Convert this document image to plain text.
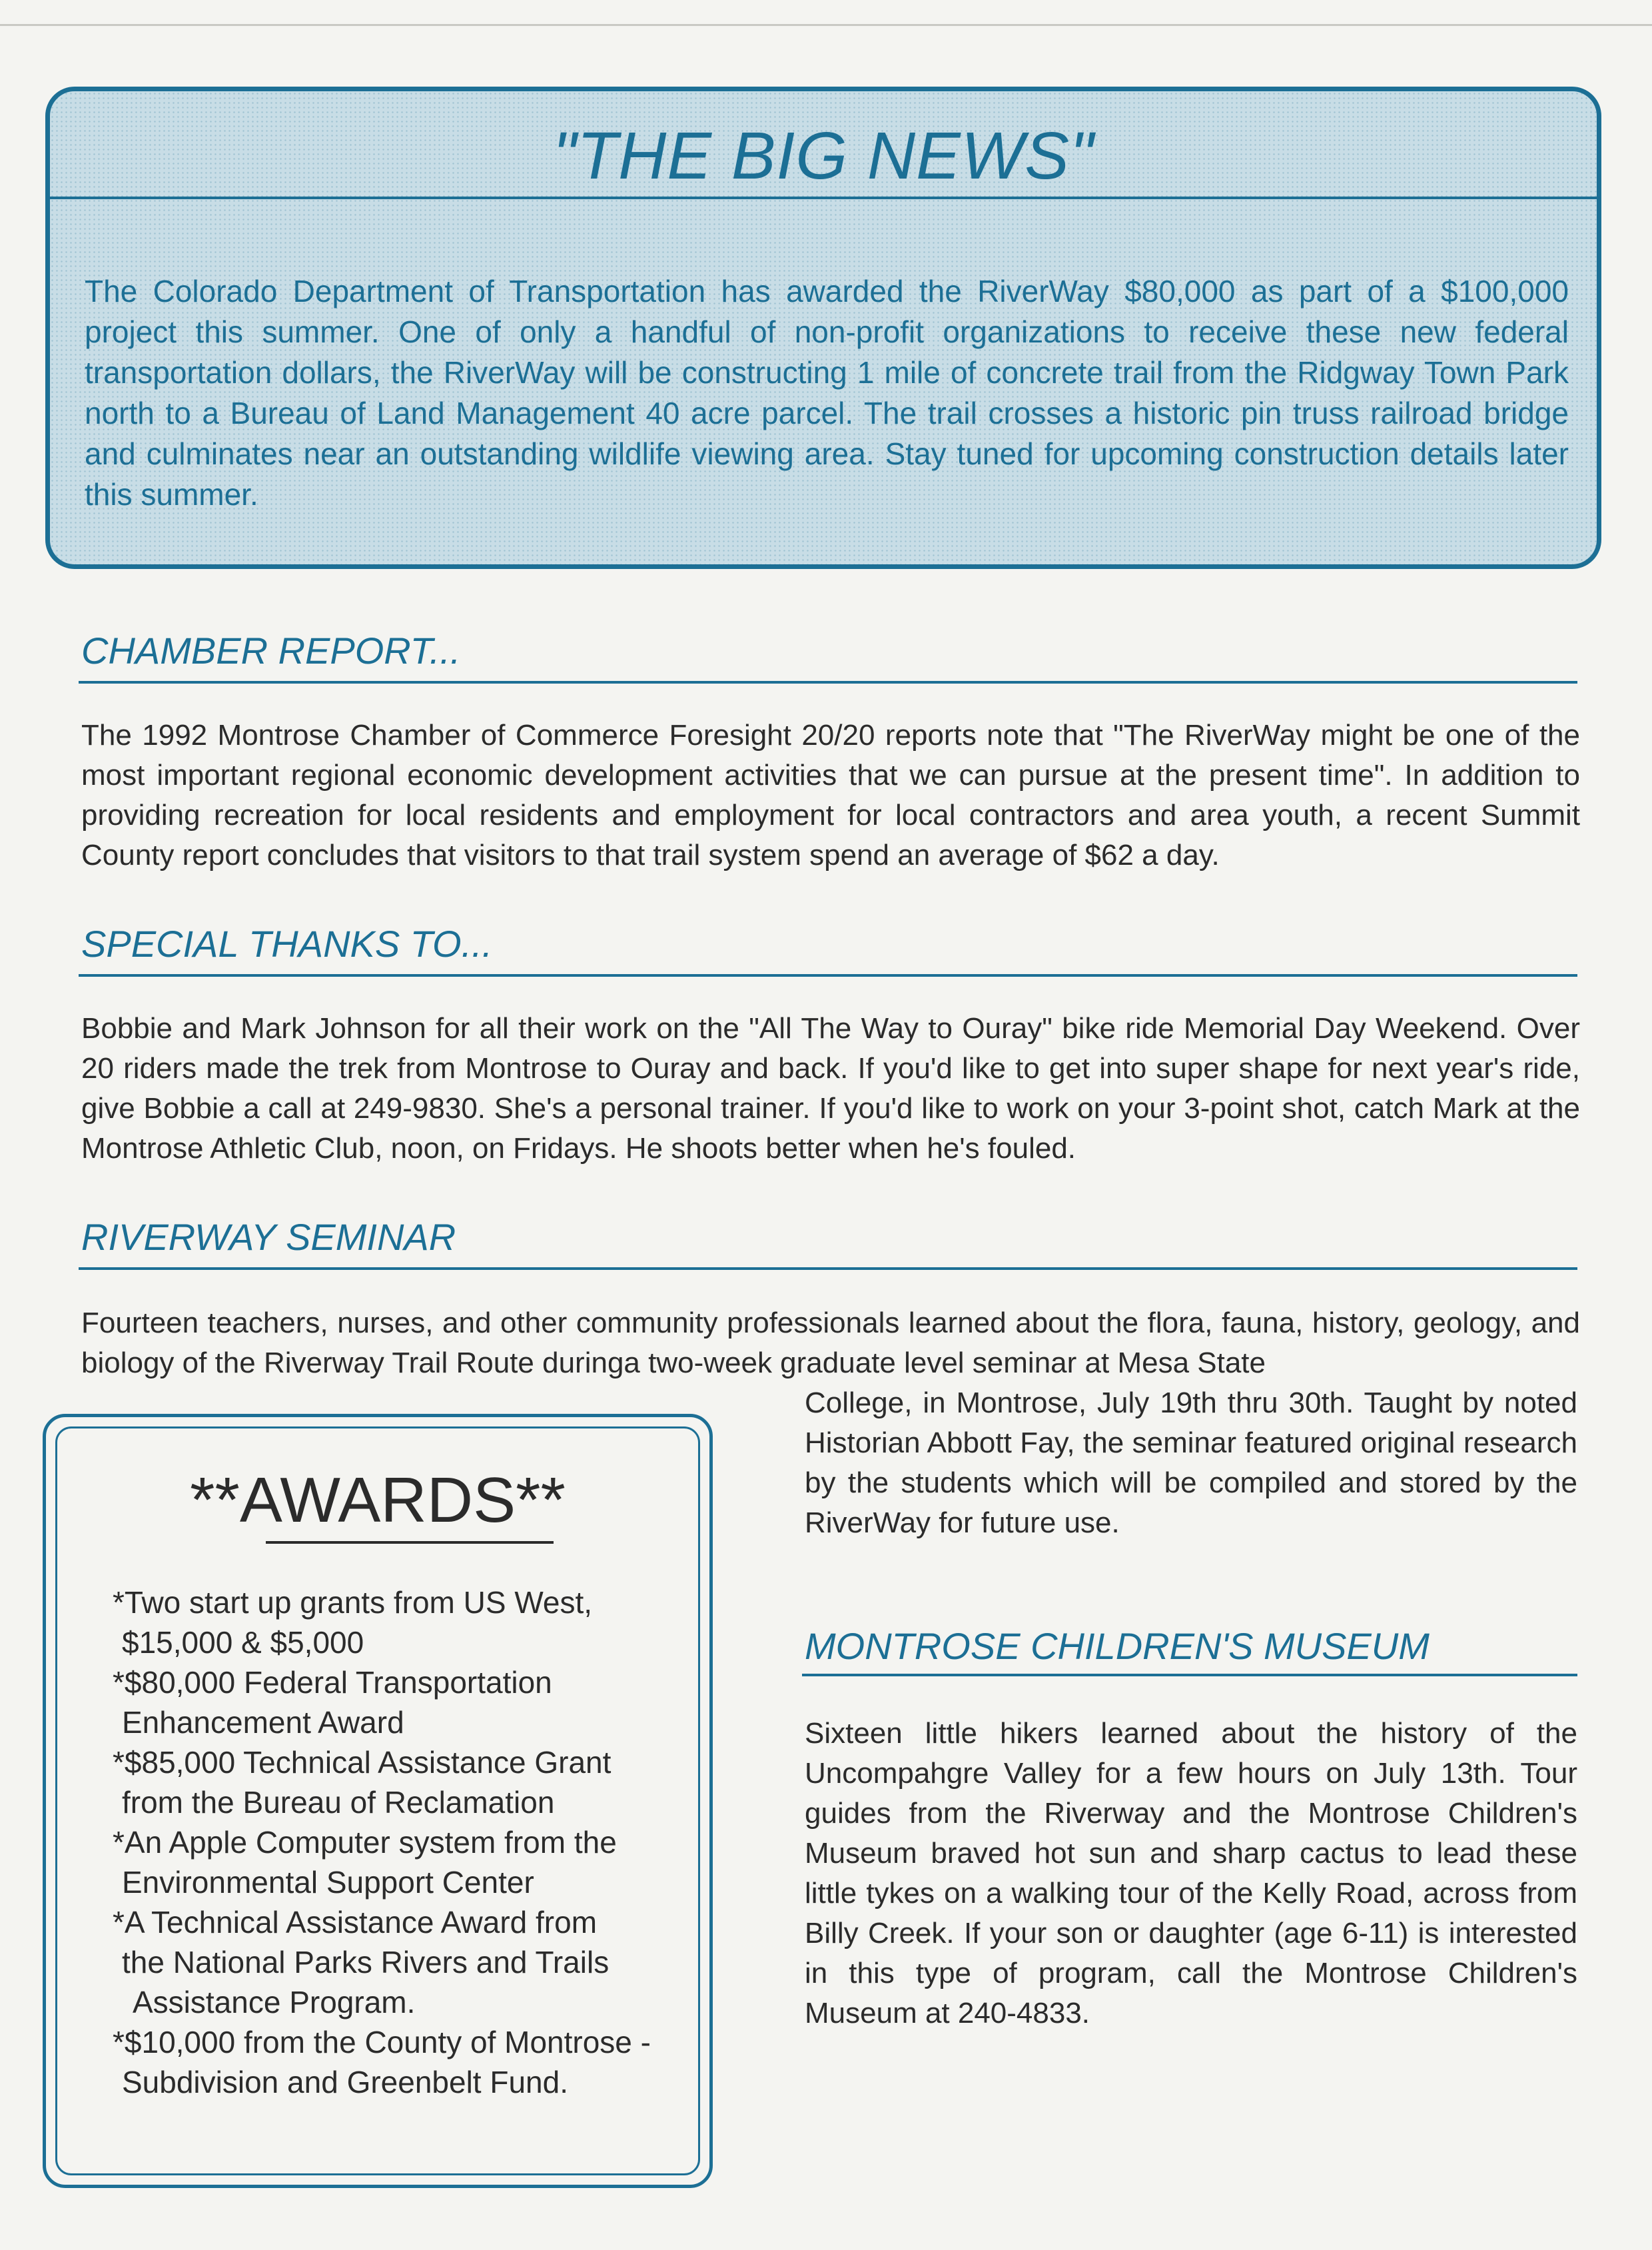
"THE BIG NEWS"
The Colorado Department of Transportation has awarded the RiverWay $80,000 as part of a $100,000 project this summer. One of only a handful of non-profit organizations to receive these new federal transportation dollars, the RiverWay will be constructing 1 mile of concrete trail from the Ridgway Town Park north to a Bureau of Land Management 40 acre parcel. The trail crosses a historic pin truss railroad bridge and culminates near an outstanding wildlife viewing area. Stay tuned for upcoming construction details later this summer.
CHAMBER REPORT...
The 1992 Montrose Chamber of Commerce Foresight 20/20 reports note that "The RiverWay might be one of the most important regional economic development activities that we can pursue at the present time". In addition to providing recreation for local residents and employment for local contractors and area youth, a recent Summit County report concludes that visitors to that trail system spend an average of $62 a day.
SPECIAL THANKS TO...
Bobbie and Mark Johnson for all their work on the "All The Way to Ouray" bike ride Memorial Day Weekend. Over 20 riders made the trek from Montrose to Ouray and back. If you'd like to get into super shape for next year's ride, give Bobbie a call at 249-9830. She's a personal trainer. If you'd like to work on your 3-point shot, catch Mark at the Montrose Athletic Club, noon, on Fridays. He shoots better when he's fouled.
RIVERWAY SEMINAR
Fourteen teachers, nurses, and other community professionals learned about the flora, fauna, history, geology, and biology of the Riverway Trail Route duringa two-week graduate level seminar at Mesa State
College, in Montrose, July 19th thru 30th. Taught by noted Historian Abbott Fay, the seminar featured original research by the students which will be compiled and stored by the RiverWay for future use.
MONTROSE CHILDREN'S MUSEUM
Sixteen little hikers learned about the history of the Uncompahgre Valley for a few hours on July 13th. Tour guides from the Riverway and the Montrose Children's Museum braved hot sun and sharp cactus to lead these little tykes on a walking tour of the Kelly Road, across from Billy Creek. If your son or daughter (age 6-11) is interested in this type of program, call the Montrose Children's Museum at 240-4833.
**AWARDS**
*Two start up grants from US West,
$15,000 & $5,000
*$80,000 Federal Transportation
Enhancement Award
*$85,000 Technical Assistance Grant
from the Bureau of Reclamation
*An Apple Computer system from the
Environmental Support Center
*A Technical Assistance Award from
the National Parks Rivers and Trails Assistance Program.
*$10,000 from the County of Montrose -
Subdivision and Greenbelt Fund.
